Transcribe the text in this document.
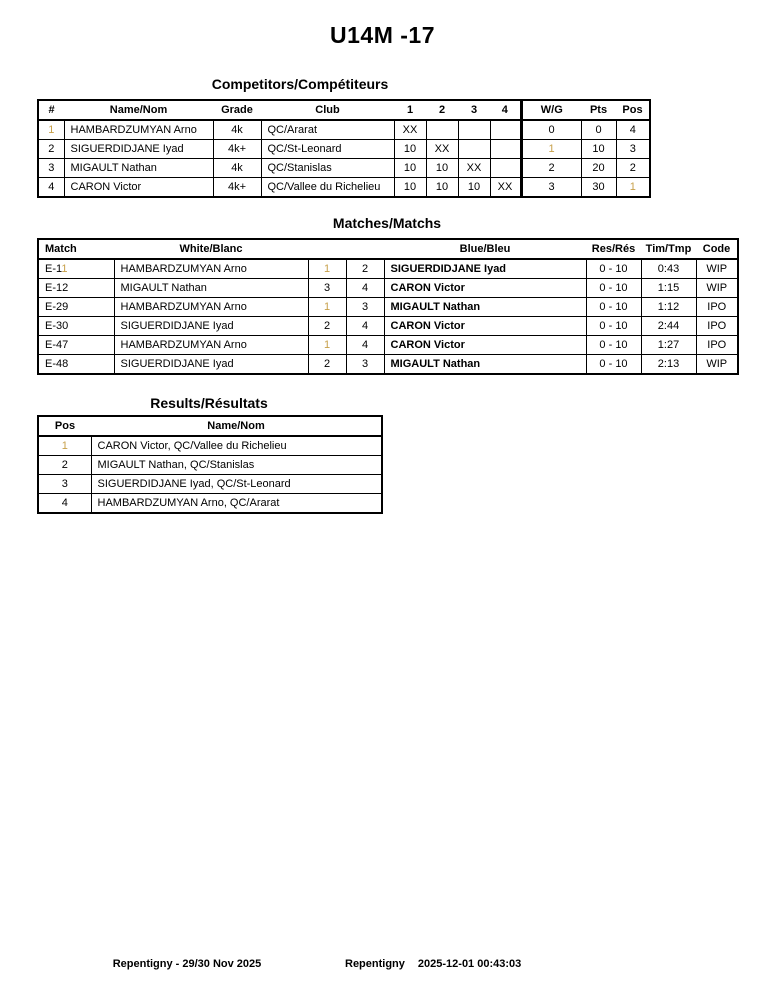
U14M -17
Competitors/Compétiteurs
#	Name/Nom	Grade	Club	1	2	3	4	W/G	Pts	Pos
1	HAMBARDZUMYAN Arno	4k	QC/Ararat	XX				0	0	4
2	SIGUERDIDJANE Iyad	4k+	QC/St-Leonard	10	XX			1	10	3
3	MIGAULT Nathan	4k	QC/Stanislas	10	10	XX		2	20	2
4	CARON Victor	4k+	QC/Vallee du Richelieu	10	10	10	XX	3	30	1
Matches/Matchs
Match	White/Blanc			Blue/Bleu	Res/Rés	Tim/Tmp	Code
E-11	HAMBARDZUMYAN Arno	1	2	SIGUERDIDJANE Iyad	0 - 10	0:43	WIP
E-12	MIGAULT Nathan	3	4	CARON Victor	0 - 10	1:15	WIP
E-29	HAMBARDZUMYAN Arno	1	3	MIGAULT Nathan	0 - 10	1:12	IPO
E-30	SIGUERDIDJANE Iyad	2	4	CARON Victor	0 - 10	2:44	IPO
E-47	HAMBARDZUMYAN Arno	1	4	CARON Victor	0 - 10	1:27	IPO
E-48	SIGUERDIDJANE Iyad	2	3	MIGAULT Nathan	0 - 10	2:13	WIP
Results/Résultats
Pos	Name/Nom
1	CARON Victor, QC/Vallee du Richelieu
2	MIGAULT Nathan, QC/Stanislas
3	SIGUERDIDJANE Iyad, QC/St-Leonard
4	HAMBARDZUMYAN Arno, QC/Ararat
Repentigny - 29/30 Nov 2025	Repentigny 2025-12-01 00:43:03
